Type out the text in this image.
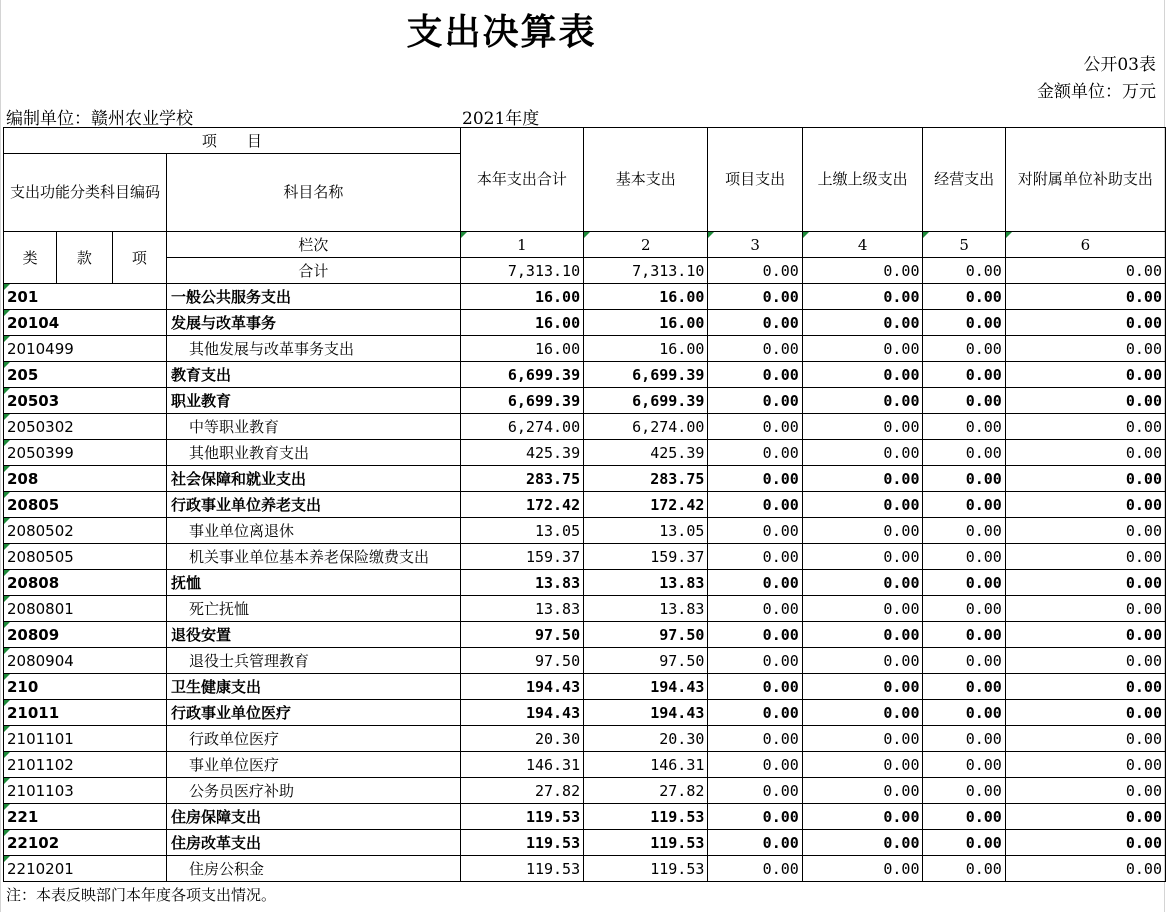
支出决算表
公开03表
金额单位：万元
编制单位：赣州农业学校	2021年度
项　　目				本年支出合计	基本支出	项目支出	上缴上级支出	经营支出	对附属单位补助支出
支出功能分类科目编码			科目名称						

类	款	项	栏次	1	2	3	4	5	6
			合计	7,313.10	7,313.10	0.00	0.00	0.00	0.00
201			一般公共服务支出	16.00	16.00	0.00	0.00	0.00	0.00
20104			发展与改革事务	16.00	16.00	0.00	0.00	0.00	0.00
2010499			其他发展与改革事务支出	16.00	16.00	0.00	0.00	0.00	0.00
205			教育支出	6,699.39	6,699.39	0.00	0.00	0.00	0.00
20503			职业教育	6,699.39	6,699.39	0.00	0.00	0.00	0.00
2050302			中等职业教育	6,274.00	6,274.00	0.00	0.00	0.00	0.00
2050399			其他职业教育支出	425.39	425.39	0.00	0.00	0.00	0.00
208			社会保障和就业支出	283.75	283.75	0.00	0.00	0.00	0.00
20805			行政事业单位养老支出	172.42	172.42	0.00	0.00	0.00	0.00
2080502			事业单位离退休	13.05	13.05	0.00	0.00	0.00	0.00
2080505			机关事业单位基本养老保险缴费支出	159.37	159.37	0.00	0.00	0.00	0.00
20808			抚恤	13.83	13.83	0.00	0.00	0.00	0.00
2080801			死亡抚恤	13.83	13.83	0.00	0.00	0.00	0.00
20809			退役安置	97.50	97.50	0.00	0.00	0.00	0.00
2080904			退役士兵管理教育	97.50	97.50	0.00	0.00	0.00	0.00
210			卫生健康支出	194.43	194.43	0.00	0.00	0.00	0.00
21011			行政事业单位医疗	194.43	194.43	0.00	0.00	0.00	0.00
2101101			行政单位医疗	20.30	20.30	0.00	0.00	0.00	0.00
2101102			事业单位医疗	146.31	146.31	0.00	0.00	0.00	0.00
2101103			公务员医疗补助	27.82	27.82	0.00	0.00	0.00	0.00
221			住房保障支出	119.53	119.53	0.00	0.00	0.00	0.00
22102			住房改革支出	119.53	119.53	0.00	0.00	0.00	0.00
2210201			住房公积金	119.53	119.53	0.00	0.00	0.00	0.00
注：本表反映部门本年度各项支出情况。
